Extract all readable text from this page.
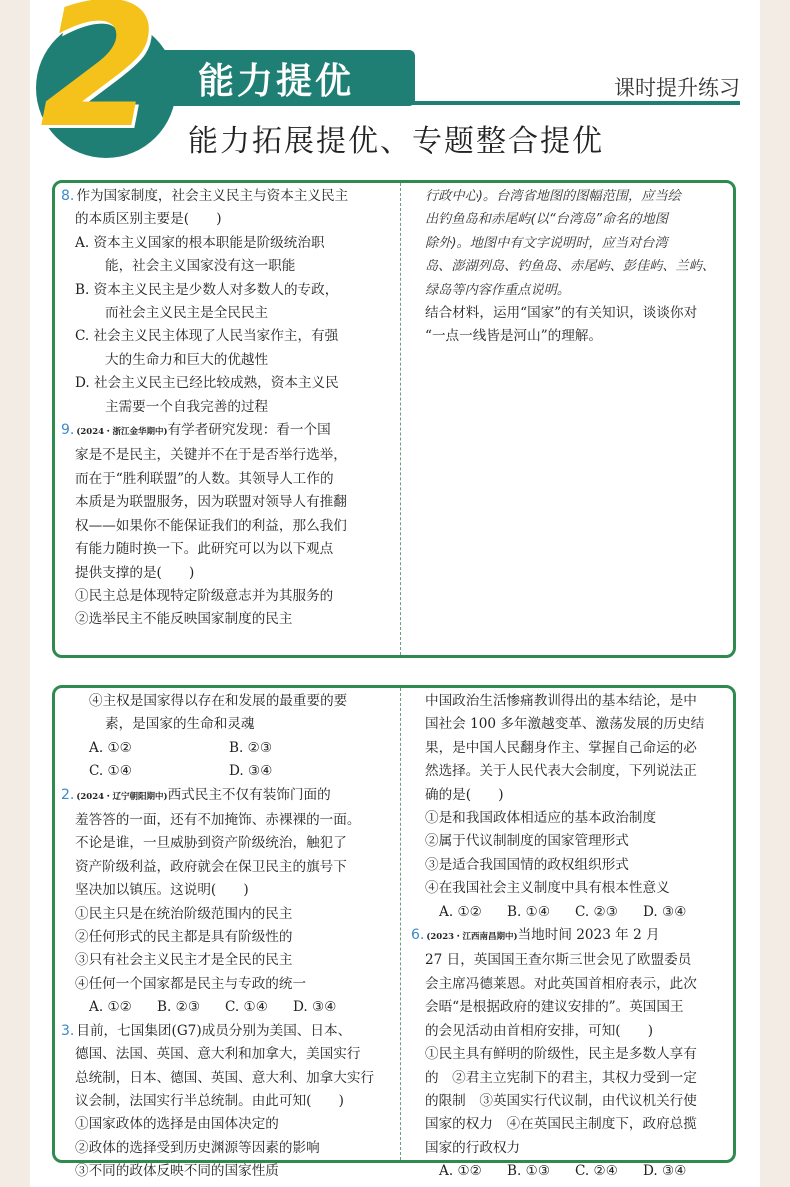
2 能力提优	课时提升练习
能力拓展提优、专题整合提优
8. 作为国家制度，社会主义民主与资本主义民主
的本质区别主要是(　　)
A. 资本主义国家的根本职能是阶级统治职
能，社会主义国家没有这一职能
B. 资本主义民主是少数人对多数人的专政，
而社会主义民主是全民民主
C. 社会主义民主体现了人民当家作主，有强
大的生命力和巨大的优越性
D. 社会主义民主已经比较成熟，资本主义民
主需要一个自我完善的过程
9. (2024・浙江金华期中)有学者研究发现：看一个国
家是不是民主，关键并不在于是否举行选举，
而在于“胜利联盟”的人数。其领导人工作的
本质是为联盟服务，因为联盟对领导人有推翻
权——如果你不能保证我们的利益，那么我们
有能力随时换一下。此研究可以为以下观点
提供支撑的是(　　)
①民主总是体现特定阶级意志并为其服务的
②选举民主不能反映国家制度的民主
行政中心)。台湾省地图的图幅范围，应当绘
出钓鱼岛和赤尾屿(以“台湾岛”命名的地图
除外)。地图中有文字说明时，应当对台湾
岛、澎湖列岛、钓鱼岛、赤尾屿、彭佳屿、兰屿、
绿岛等内容作重点说明。
结合材料，运用“国家”的有关知识，谈谈你对
“一点一线皆是河山”的理解。
④主权是国家得以存在和发展的最重要的要
素，是国家的生命和灵魂
A. ①②	B. ②③
C. ①④	D. ③④
2. (2024・辽宁朝阳期中)西式民主不仅有装饰门面的
羞答答的一面，还有不加掩饰、赤裸裸的一面。
不论是谁，一旦威胁到资产阶级统治，触犯了
资产阶级利益，政府就会在保卫民主的旗号下
坚决加以镇压。这说明(　　)
①民主只是在统治阶级范围内的民主
②任何形式的民主都是具有阶级性的
③只有社会主义民主才是全民的民主
④任何一个国家都是民主与专政的统一
A. ①②	B. ②③	C. ①④	D. ③④
3. 目前，七国集团(G7)成员分别为美国、日本、
德国、法国、英国、意大利和加拿大，美国实行
总统制，日本、德国、英国、意大利、加拿大实行
议会制，法国实行半总统制。由此可知(　　)
①国家政体的选择是由国体决定的
②政体的选择受到历史渊源等因素的影响
③不同的政体反映不同的国家性质
中国政治生活惨痛教训得出的基本结论，是中
国社会 100 多年激越变革、激荡发展的历史结
果，是中国人民翻身作主、掌握自己命运的必
然选择。关于人民代表大会制度，下列说法正
确的是(　　)
①是和我国政体相适应的基本政治制度
②属于代议制制度的国家管理形式
③是适合我国国情的政权组织形式
④在我国社会主义制度中具有根本性意义
A. ①②	B. ①④	C. ②③	D. ③④
6. (2023・江西南昌期中)当地时间 2023 年 2 月
27 日，英国国王查尔斯三世会见了欧盟委员
会主席冯德莱恩。对此英国首相府表示，此次
会晤“是根据政府的建议安排的”。英国国王
的会见活动由首相府安排，可知(　　)
①民主具有鲜明的阶级性，民主是多数人享有
的　②君主立宪制下的君主，其权力受到一定
的限制　③英国实行代议制，由代议机关行使
国家的权力　④在英国民主制度下，政府总揽
国家的行政权力
A. ①②	B. ①③	C. ②④	D. ③④
